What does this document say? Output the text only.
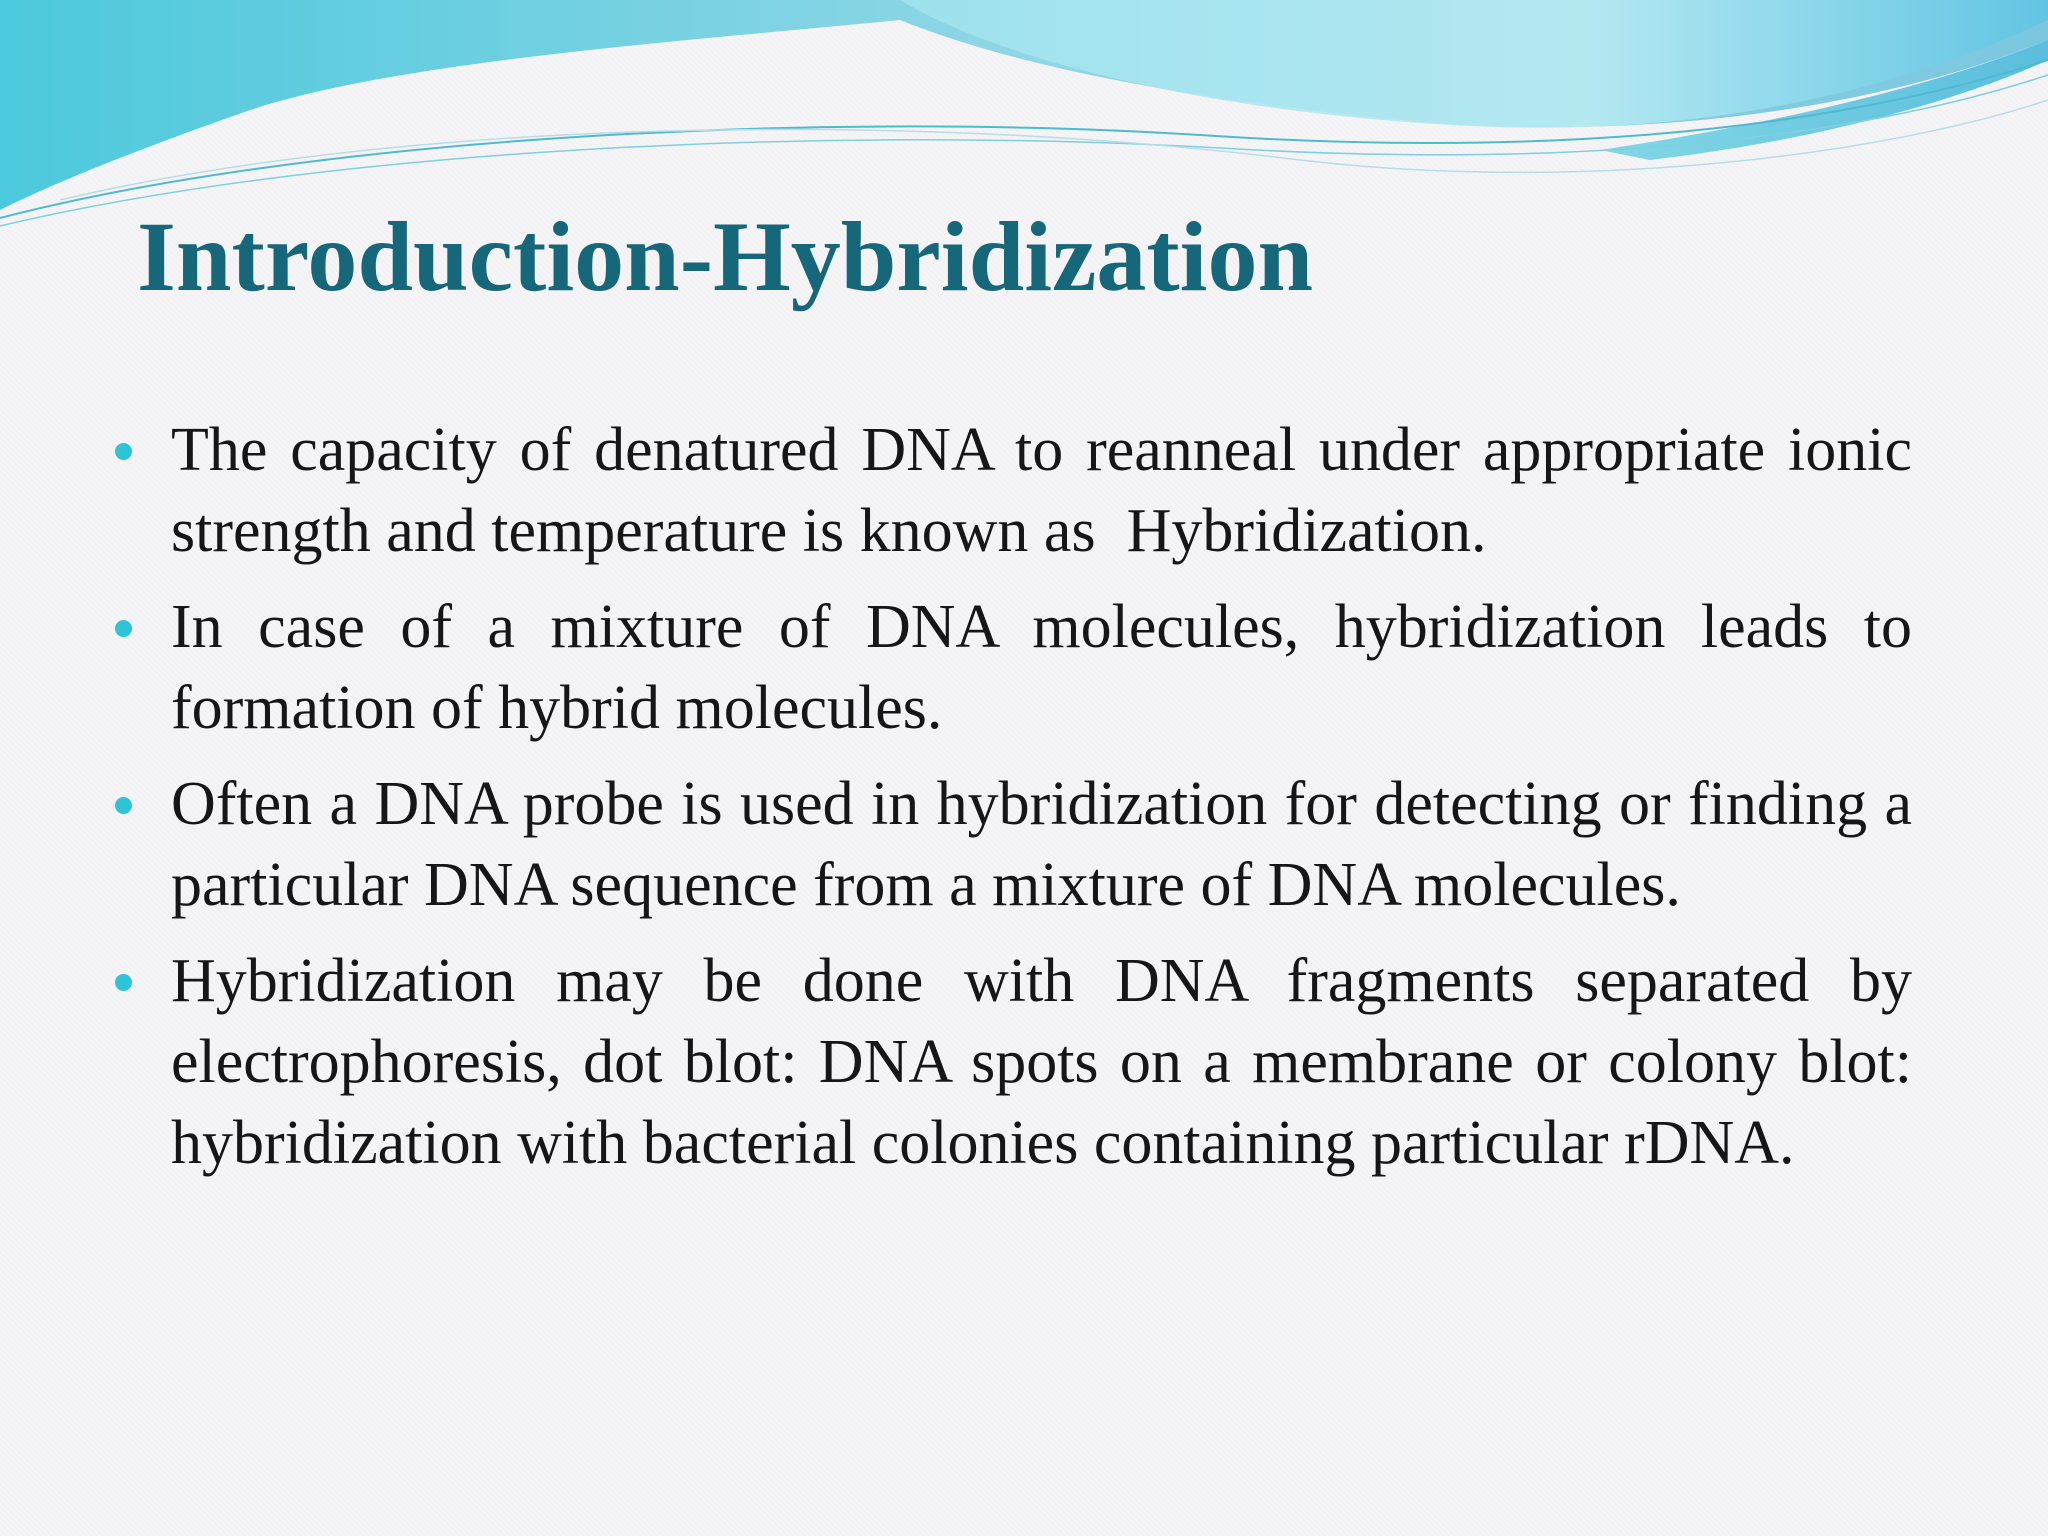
Introduction-Hybridization
The capacity of denatured DNA to reanneal under appropriate ionic strength and temperature is known as  Hybridization.
In case of a mixture of DNA molecules, hybridization leads to formation of hybrid molecules.
Often a DNA probe is used in hybridization for detecting or finding a particular DNA sequence from a mixture of DNA molecules.
Hybridization may be done with DNA fragments separated by electrophoresis, dot blot: DNA spots on a membrane or colony blot: hybridization with bacterial colonies containing particular rDNA.
